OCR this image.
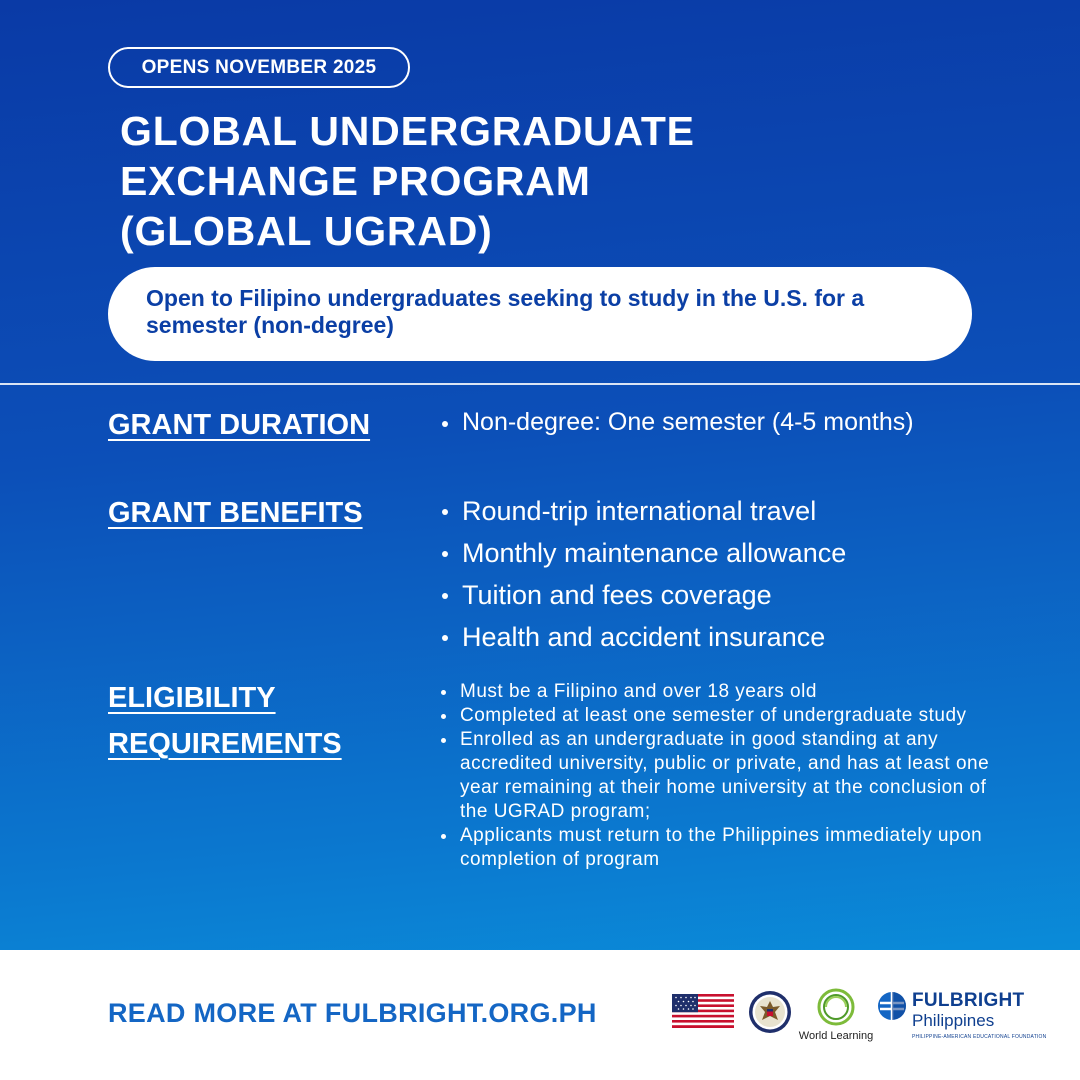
OPENS NOVEMBER 2025
GLOBAL UNDERGRADUATE
EXCHANGE PROGRAM
(GLOBAL UGRAD)

Open to Filipino undergraduates seeking to study in the U.S. for a semester (non-degree)

GRANT DURATION	Non-degree: One semester (4-5 months)
GRANT BENEFITS	Round-trip international travel
Monthly maintenance allowance
Tuition and fees coverage
Health and accident insurance
ELIGIBILITY
REQUIREMENTS
Must be a Filipino and over 18 years old
Completed at least one semester of undergraduate study
Enrolled as an undergraduate in good standing at any accredited university, public or private, and has at least one year remaining at their home university at the conclusion of the UGRAD program;
Applicants must return to the Philippines immediately upon completion of program
READ MORE AT FULBRIGHT.ORG.PH
World Learning
FULBRIGHT
Philippines
PHILIPPINE-AMERICAN EDUCATIONAL FOUNDATION
